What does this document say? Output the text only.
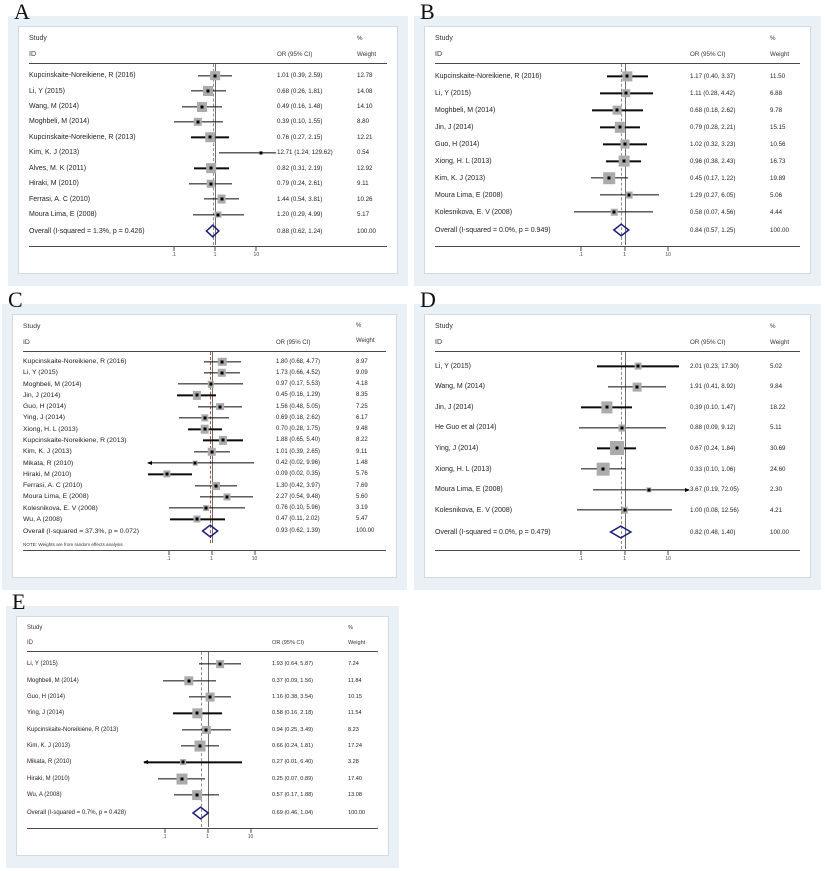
A
Study
ID	OR (95% CI)
%
Weight
Kupcinskaite-Noreikiene, R (2016)	1.01 (0.39, 2.59)	12.78
Li, Y (2015)	0.68 (0.26, 1.81)	14.08
Wang, M (2014)	0.49 (0.16, 1.48)	14.10
Moghbeli, M (2014)	0.39 (0.10, 1.55)	8.80
Kupcinskaite-Noreikiene, R (2013)	0.76 (0.27, 2.15)	12.21
Kim, K. J (2013)	12.71 (1.24, 129.62)	0.54
Alves, M. K (2011)	0.82 (0.31, 2.19)	12.92
Hiraki, M (2010)	0.79 (0.24, 2.61)	9.11
Ferrasi, A. C (2010)	1.44 (0.54, 3.81)	10.26
Moura Lima, E (2008)	1.20 (0.29, 4.99)	5.17
Overall (I-squared = 1.3%, p = 0.426)	0.88 (0.62, 1.24)	100.00
.1	1	10
B
Study
ID	OR (95% CI)
%
Weight
Kupcinskaite-Noreikiene, R (2016)	1.17 (0.40, 3.37)	11.50
Li, Y (2015)	1.11 (0.28, 4.42)	6.88
Moghbeli, M (2014)	0.68 (0.18, 2.62)	9.78
Jin, J (2014)	0.79 (0.28, 2.21)	15.15
Guo, H (2014)	1.02 (0.32, 3.23)	10.56
Xiong, H. L (2013)	0.96 (0.38, 2.43)	16.73
Kim, K. J (2013)	0.45 (0.17, 1.22)	19.89
Moura Lima, E (2008)	1.29 (0.27, 6.05)	5.06
Kolesnikova, E. V (2008)	0.58 (0.07, 4.56)	4.44
Overall (I-squared = 0.0%, p = 0.949)	0.84 (0.57, 1.25)	100.00
.1	1	10
C
Study
ID	OR (95% CI)
%
Weight
Kupcinskaite-Noreikiene, R (2016)	1.80 (0.68, 4.77)	8.97
Li, Y (2015)	1.73 (0.66, 4.52)	9.09
Moghbeli, M (2014)	0.97 (0.17, 5.53)	4.18
Jin, J (2014)	0.45 (0.16, 1.29)	8.35
Guo, H (2014)	1.56 (0.48, 5.05)	7.25
Ying, J (2014)	0.69 (0.18, 2.62)	6.17
Xiong, H. L (2013)	0.70 (0.28, 1.75)	9.48
Kupcinskaite-Noreikiene, R (2013)	1.88 (0.65, 5.40)	8.22
Kim, K. J (2013)	1.01 (0.39, 2.65)	9.11
Mikata, R (2010)	0.42 (0.02, 9.96)	1.48
Hiraki, M (2010)	0.09 (0.02, 0.35)	5.76
Ferrasi, A. C (2010)	1.30 (0.42, 3.97)	7.69
Moura Lima, E (2008)	2.27 (0.54, 9.48)	5.60
Kolesnikova, E. V (2008)	0.76 (0.10, 5.96)	3.19
Wu, A (2008)	0.47 (0.11, 2.02)	5.47
Overall (I-squared = 37.3%, p = 0.072)	0.93 (0.62, 1.39)	100.00
NOTE: Weights are from random effects analysis
.1	1	10
D
Study
ID	OR (95% CI)
%
Weight
Li, Y (2015)	2.01 (0.23, 17.30)	5.02
Wang, M (2014)	1.91 (0.41, 8.92)	9.84
Jin, J (2014)	0.39 (0.10, 1.47)	18.22
He Guo et al (2014)	0.88 (0.09, 9.12)	5.11
Ying, J (2014)	0.67 (0.24, 1.84)	30.69
Xiong, H. L (2013)	0.33 (0.10, 1.06)	24.60
Moura Lima, E (2008)	3.67 (0.19, 72.05)	2.30
Kolesnikova, E. V (2008)	1.00 (0.08, 12.56)	4.21
Overall (I-squared = 0.0%, p = 0.479)	0.82 (0.48, 1.40)	100.00
.1	1	10
E
Study
ID	OR (95% CI)
%
Weight
Li, Y (2015)	1.93 (0.64, 5.87)	7.24
Moghbeli, M (2014)	0.37 (0.09, 1.56)	11.84
Guo, H (2014)	1.16 (0.38, 3.54)	10.15
Ying, J (2014)	0.58 (0.16, 2.18)	11.54
Kupcinskaite-Noreikiene, R (2013)	0.94 (0.25, 3.49)	8.23
Kim, K. J (2013)	0.66 (0.24, 1.81)	17.24
Mikata, R (2010)	0.27 (0.01, 6.40)	3.28
Hiraki, M (2010)	0.25 (0.07, 0.89)	17.40
Wu, A (2008)	0.57 (0.17, 1.88)	13.08
Overall (I-squared = 0.7%, p = 0.428)	0.69 (0.46, 1.04)	100.00
.1	1	10
